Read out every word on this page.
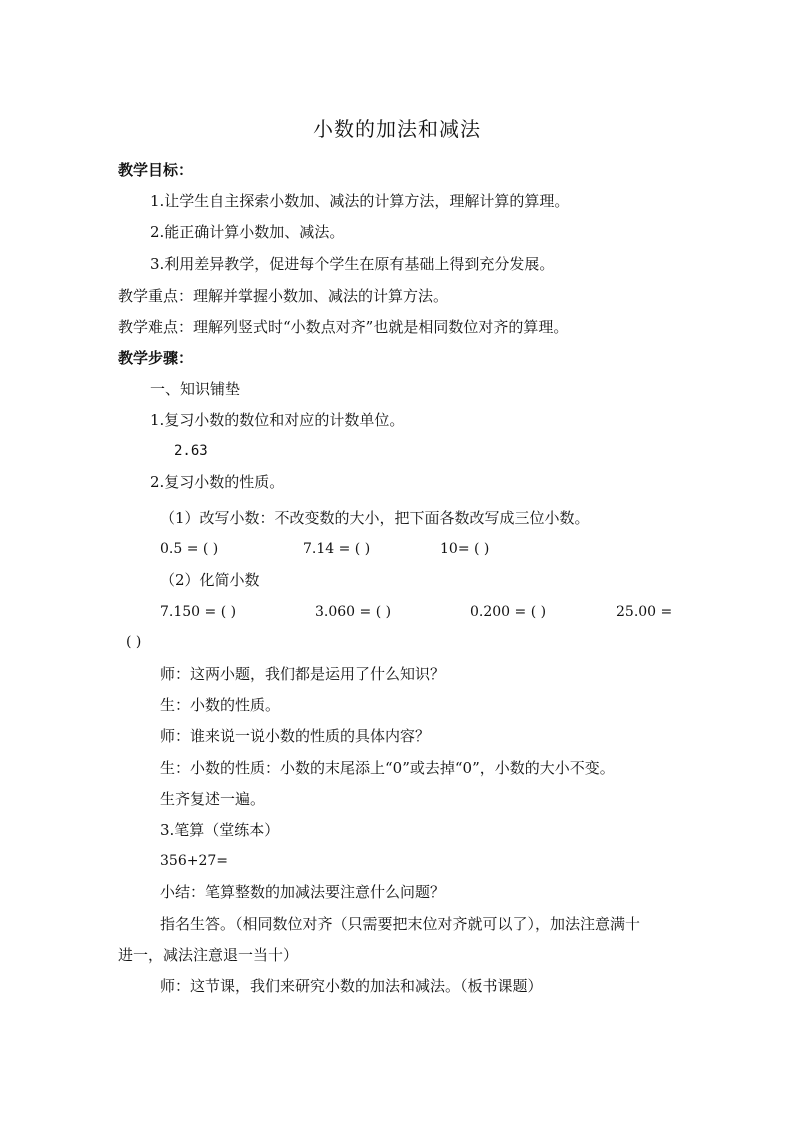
小数的加法和减法
教学目标：
1.让学生自主探索小数加、减法的计算方法，理解计算的算理。
2.能正确计算小数加、减法。
3.利用差异教学，促进每个学生在原有基础上得到充分发展。
教学重点：理解并掌握小数加、减法的计算方法。
教学难点：理解列竖式时“小数点对齐”也就是相同数位对齐的算理。
教学步骤：
一、知识铺垫
1.复习小数的数位和对应的计数单位。
2.63
2.复习小数的性质。
（1）改写小数：不改变数的大小，把下面各数改写成三位小数。
0.5 = ( )	7.14 = ( )	10= ( )
（2）化简小数
7.150 = ( )	3.060 = ( )	0.200 = ( )	25.00 =
( )
师：这两小题，我们都是运用了什么知识？
生：小数的性质。
师：谁来说一说小数的性质的具体内容？
生：小数的性质：小数的末尾添上“0”或去掉“0”，小数的大小不变。
生齐复述一遍。
3.笔算（堂练本）
356+27=
小结：笔算整数的加减法要注意什么问题？
指名生答。（相同数位对齐（只需要把末位对齐就可以了），加法注意满十
进一，减法注意退一当十）
师：这节课，我们来研究小数的加法和减法。（板书课题）
